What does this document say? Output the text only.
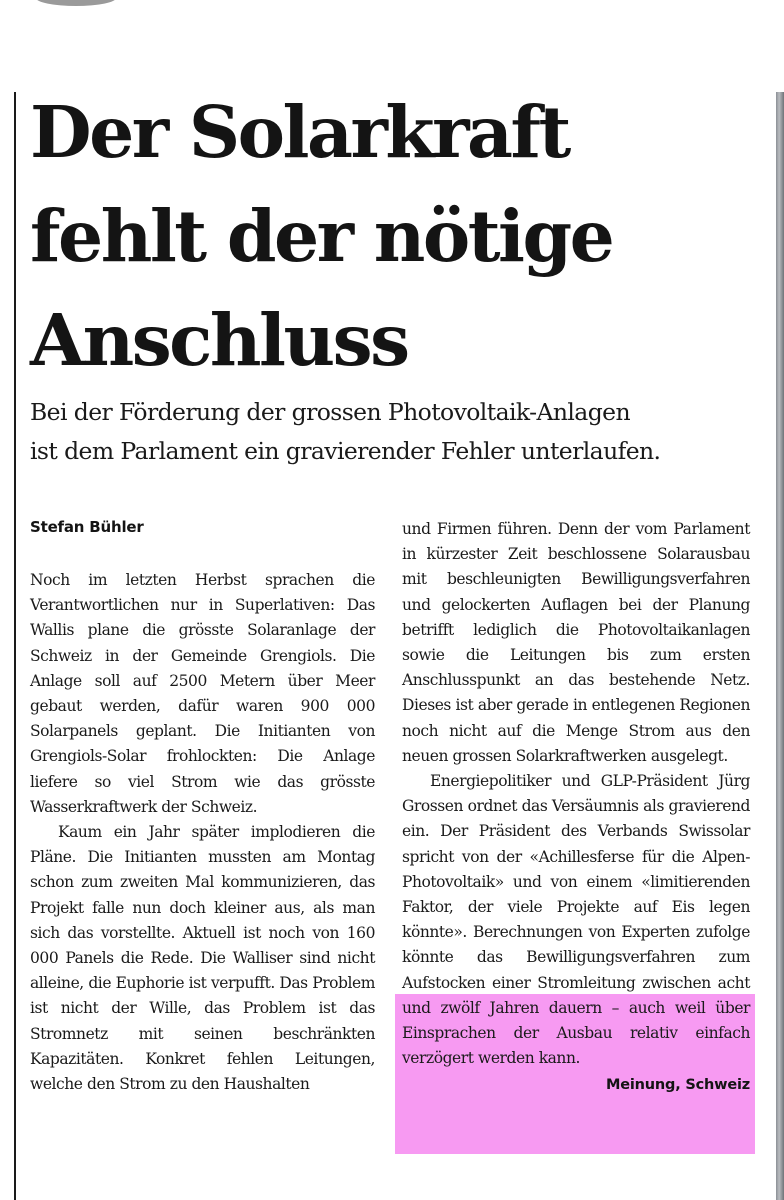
Der Solarkraft
fehlt der nötige
Anschluss
Bei der Förderung der grossen Photovoltaik-Anlagen
ist dem Parlament ein gravierender Fehler unterlaufen.
Stefan Bühler

Noch im letzten Herbst sprachen die Verantwortlichen nur in Superlativen: Das Wallis plane die grösste Solaranlage der Schweiz in der Gemeinde Grengiols. Die Anlage soll auf 2500 Metern über Meer gebaut werden, dafür waren 900 000 Solarpanels geplant. Die Initianten von Grengiols-Solar frohlockten: Die Anlage liefere so viel Strom wie das grösste Wasserkraftwerk der Schweiz.

Kaum ein Jahr später implodieren die Pläne. Die Initianten mussten am Montag schon zum zweiten Mal kommunizieren, das Projekt falle nun doch kleiner aus, als man sich das vorstellte. Aktuell ist noch von 160 000 Panels die Rede. Die Walliser sind nicht alleine, die Euphorie ist verpufft. Das Problem ist nicht der Wille, das Problem ist das Stromnetz mit seinen beschränkten Kapazitäten. Konkret fehlen Leitungen, welche den Strom zu den Haushalten

und Firmen führen. Denn der vom Parlament in kürzester Zeit beschlossene Solarausbau mit beschleunigten Bewilligungsverfahren und gelockerten Auflagen bei der Planung betrifft lediglich die Photovoltaikanlagen sowie die Leitungen bis zum ersten Anschlusspunkt an das bestehende Netz. Dieses ist aber gerade in entlegenen Regionen noch nicht auf die Menge Strom aus den neuen grossen Solarkraftwerken ausgelegt.

Energiepolitiker und GLP-Präsident Jürg Grossen ordnet das Versäumnis als gravierend ein. Der Präsident des Verbands Swissolar spricht von der «Achillesferse für die Alpen-Photovoltaik» und von einem «limitierenden Faktor, der viele Projekte auf Eis legen könnte». Berechnungen von Experten zufolge könnte das Bewilligungsverfahren zum Aufstocken einer Stromleitung zwischen acht und zwölf Jahren dauern – auch weil über Einsprachen der Ausbau relativ einfach verzögert werden kann.

Meinung, Schweiz
